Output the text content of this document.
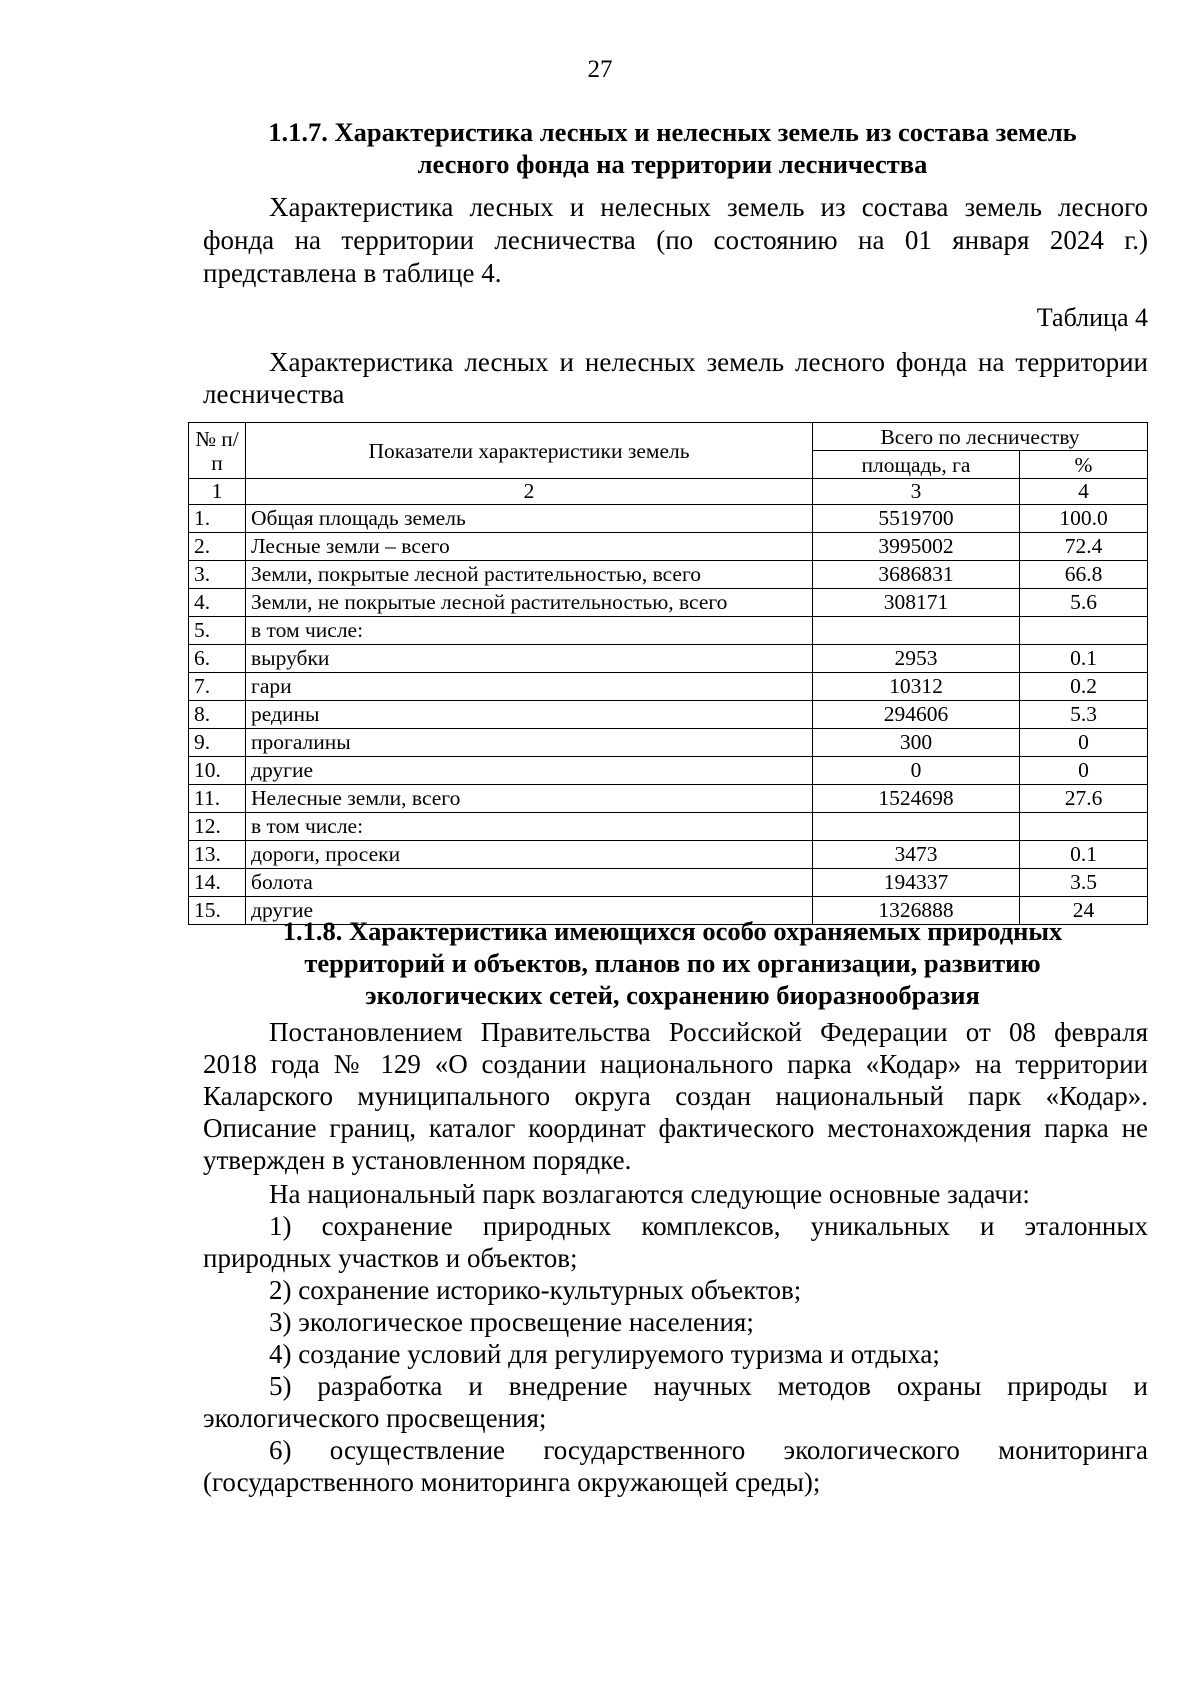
27
1.1.7. Характеристика лесных и нелесных земель из состава земель
лесного фонда на территории лесничества
Характеристика лесных и нелесных земель из состава земель лесного
фонда на территории лесничества (по состоянию на 01 января 2024 г.)
представлена в таблице 4.
Таблица 4
Характеристика лесных и нелесных земель лесного фонда на территории
лесничества
№ п/п	Показатели характеристики земель	Всего по лесничеству	
		площадь, га	%
1	2	3	4
1.	Общая площадь земель	5519700	100.0
2.	Лесные земли – всего	3995002	72.4
3.	Земли, покрытые лесной растительностью, всего	3686831	66.8
4.	Земли, не покрытые лесной растительностью, всего	308171	5.6
5.	в том числе:		
6.	вырубки	2953	0.1
7.	гари	10312	0.2
8.	редины	294606	5.3
9.	прогалины	300	0
10.	другие	0	0
11.	Нелесные земли, всего	1524698	27.6
12.	в том числе:		
13.	дороги, просеки	3473	0.1
14.	болота	194337	3.5
15.	другие	1326888	24
1.1.8. Характеристика имеющихся особо охраняемых природных
территорий и объектов, планов по их организации, развитию
экологических сетей, сохранению биоразнообразия
Постановлением Правительства Российской Федерации от 08 февраля
2018 года № 129 «О создании национального парка «Кодар» на территории
Каларского муниципального округа создан национальный парк «Кодар».
Описание границ, каталог координат фактического местонахождения парка не
утвержден в установленном порядке.
На национальный парк возлагаются следующие основные задачи:
1) сохранение природных комплексов, уникальных и эталонных
природных участков и объектов;
2) сохранение историко-культурных объектов;
3) экологическое просвещение населения;
4) создание условий для регулируемого туризма и отдыха;
5) разработка и внедрение научных методов охраны природы и
экологического просвещения;
6) осуществление государственного экологического мониторинга
(государственного мониторинга окружающей среды);
